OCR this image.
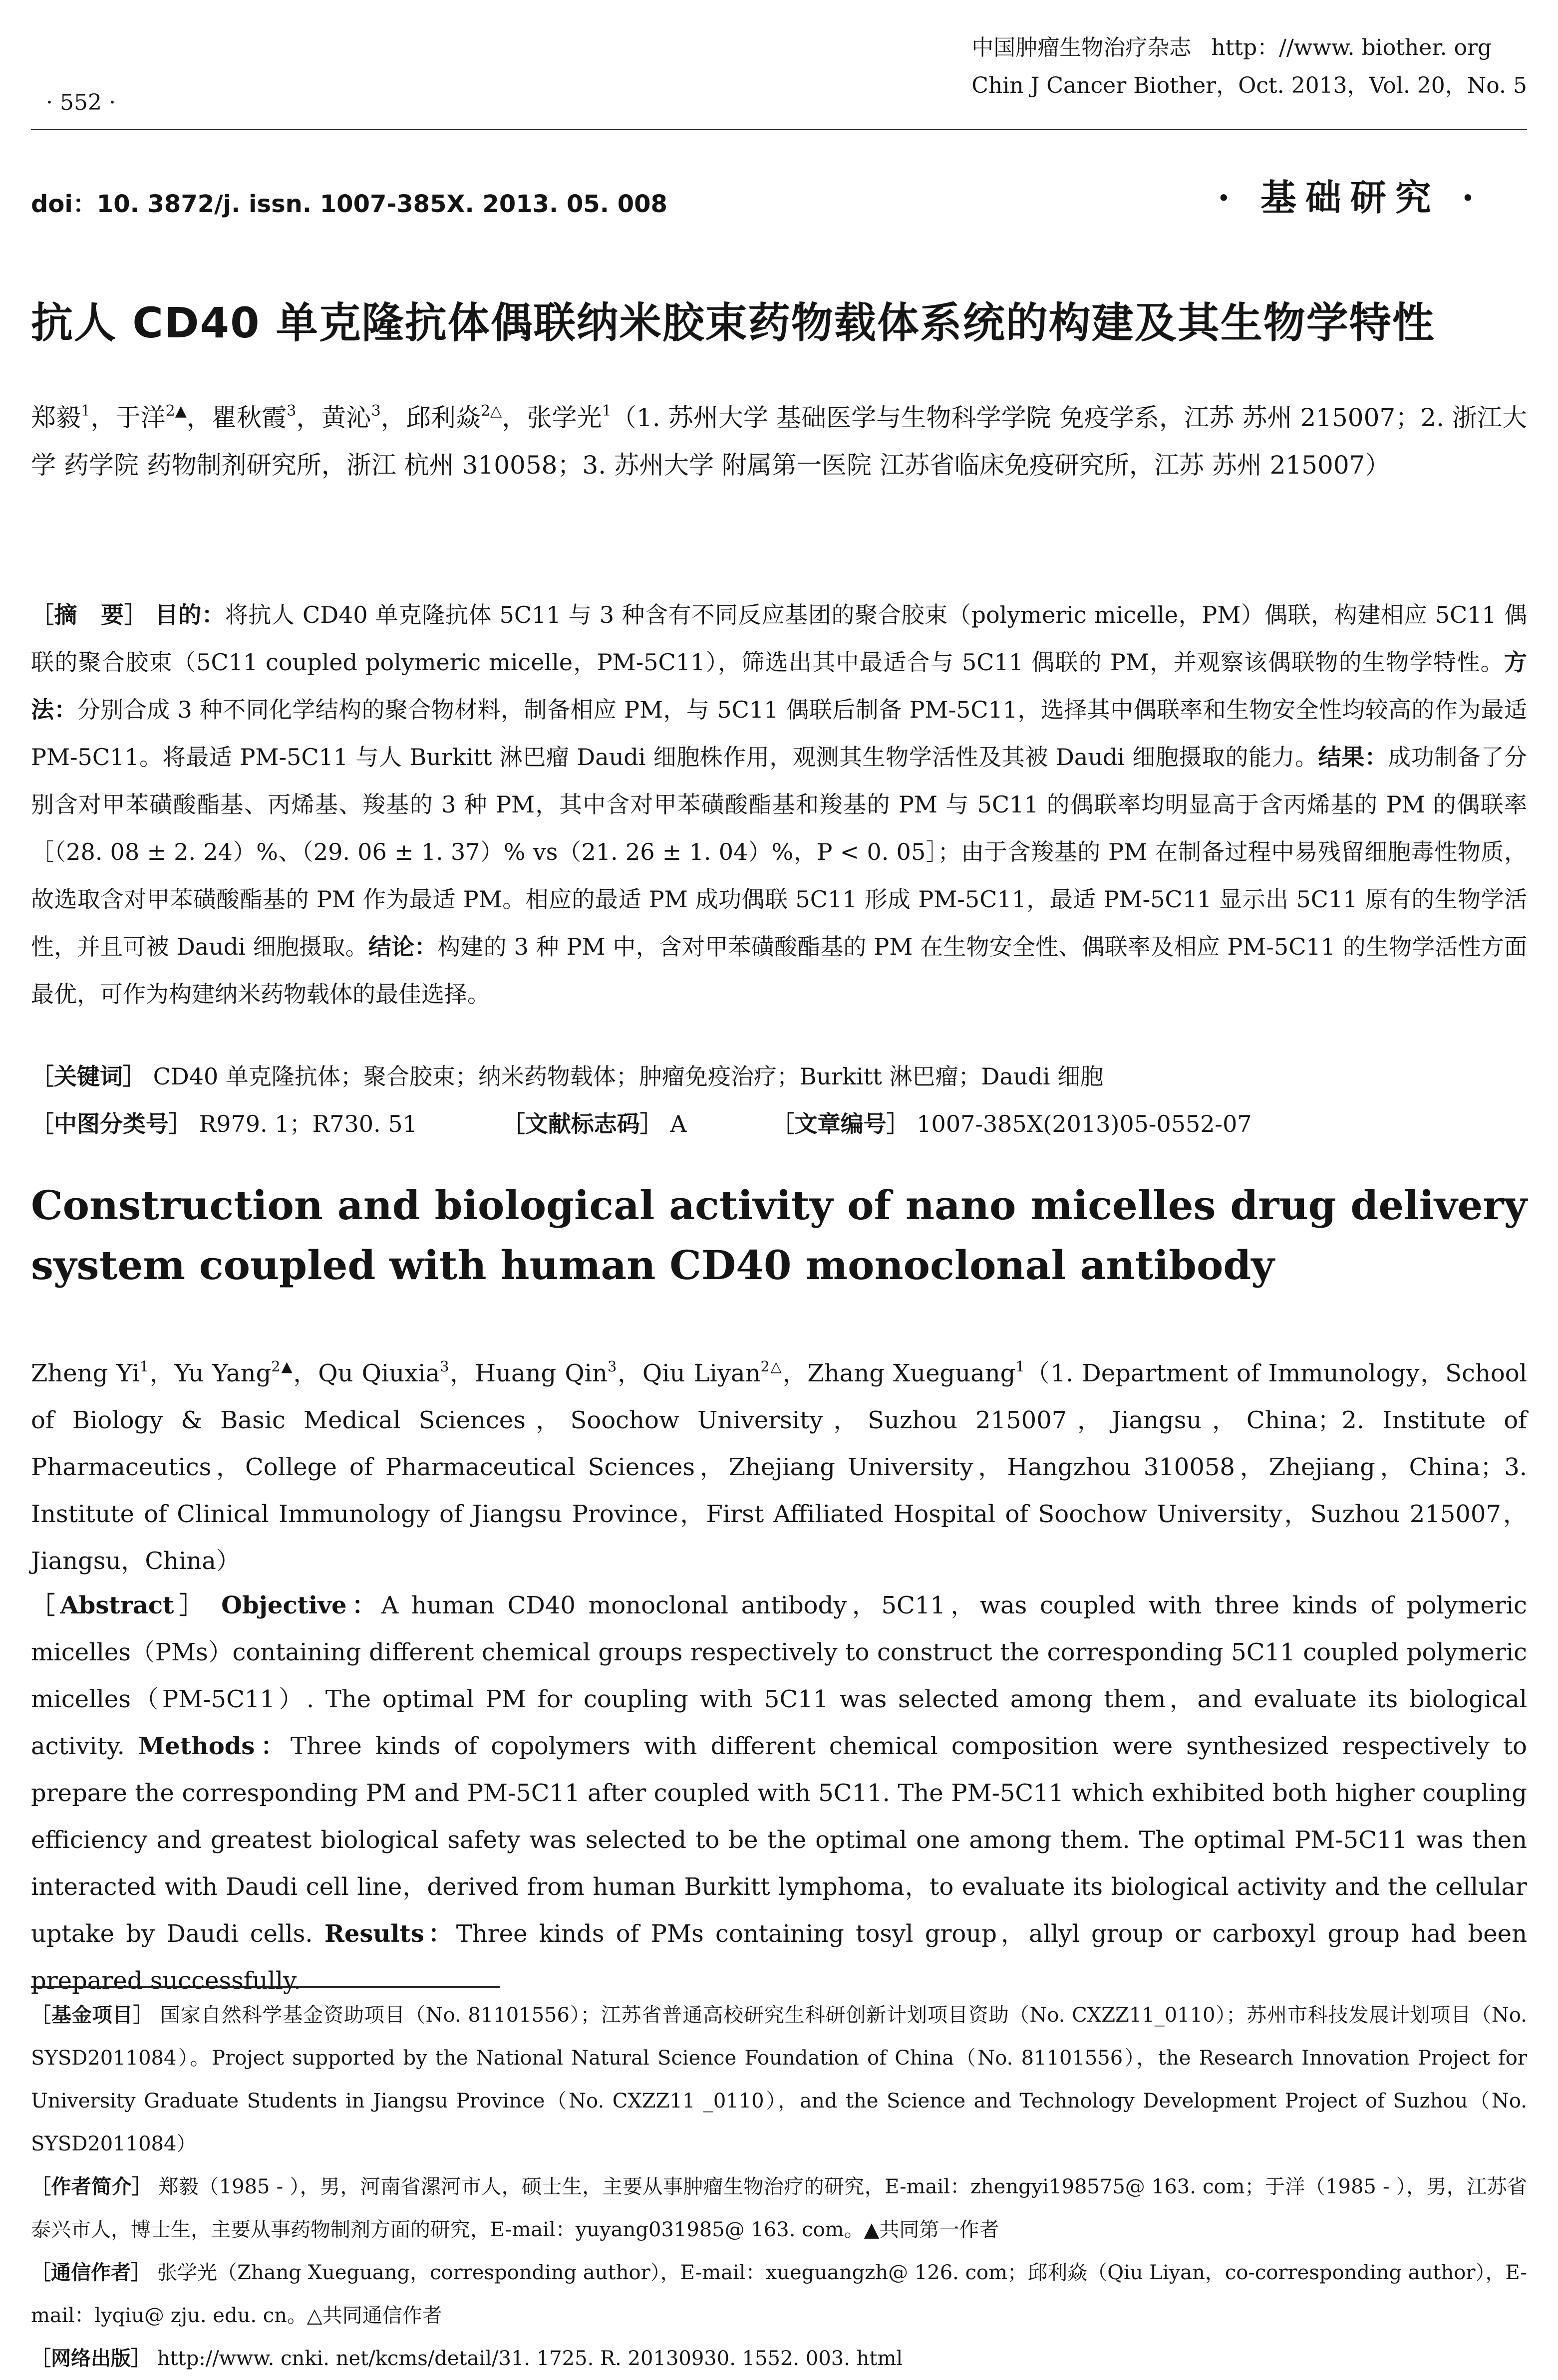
中国肿瘤生物治疗杂志 http：//www. biother. org
Chin J Cancer Biother，Oct. 2013，Vol. 20，No. 5
· 552 ·
doi：10. 3872/j. issn. 1007-385X. 2013. 05. 008	· 基础研究 ·
抗人 CD40 单克隆抗体偶联纳米胶束药物载体系统的构建及其生物学特性
郑毅$^1$，于洋$^{2▲}$，瞿秋霞$^3$，黄沁$^3$，邱利焱$^{2\triangle}$，张学光$^1$（1. 苏州大学 基础医学与生物科学学院 免疫学系，江苏 苏州 215007；2. 浙江大学 药学院 药物制剂研究所，浙江 杭州 310058；3. 苏州大学 附属第一医院 江苏省临床免疫研究所，江苏 苏州 215007）
［摘　要］ 目的：将抗人 CD40 单克隆抗体 5C11 与 3 种含有不同反应基团的聚合胶束（polymeric micelle，PM）偶联，构建相应 5C11 偶联的聚合胶束（5C11 coupled polymeric micelle，PM-5C11），筛选出其中最适合与 5C11 偶联的 PM，并观察该偶联物的生物学特性。方法：分别合成 3 种不同化学结构的聚合物材料，制备相应 PM，与 5C11 偶联后制备 PM-5C11，选择其中偶联率和生物安全性均较高的作为最适 PM-5C11。将最适 PM-5C11 与人 Burkitt 淋巴瘤 Daudi 细胞株作用，观测其生物学活性及其被 Daudi 细胞摄取的能力。结果：成功制备了分别含对甲苯磺酸酯基、丙烯基、羧基的 3 种 PM，其中含对甲苯磺酸酯基和羧基的 PM 与 5C11 的偶联率均明显高于含丙烯基的 PM 的偶联率［（28. 08 ± 2. 24）%、（29. 06 ± 1. 37）% vs（21. 26 ± 1. 04）%，P < 0. 05］；由于含羧基的 PM 在制备过程中易残留细胞毒性物质，故选取含对甲苯磺酸酯基的 PM 作为最适 PM。相应的最适 PM 成功偶联 5C11 形成 PM-5C11，最适 PM-5C11 显示出 5C11 原有的生物学活性，并且可被 Daudi 细胞摄取。结论：构建的 3 种 PM 中，含对甲苯磺酸酯基的 PM 在生物安全性、偶联率及相应 PM-5C11 的生物学活性方面最优，可作为构建纳米药物载体的最佳选择。
［关键词］ CD40 单克隆抗体；聚合胶束；纳米药物载体；肿瘤免疫治疗；Burkitt 淋巴瘤；Daudi 细胞
［中图分类号］ R979. 1；R730. 51	［文献标志码］ A	［文章编号］ 1007-385X(2013)05-0552-07
Construction and biological activity of nano micelles drug delivery system coupled with human CD40 monoclonal antibody
Zheng Yi$^1$，Yu Yang$^{2▲}$，Qu Qiuxia$^3$，Huang Qin$^3$，Qiu Liyan$^{2\triangle}$，Zhang Xueguang$^1$（1. Department of Immunology，School of Biology & Basic Medical Sciences，Soochow University，Suzhou 215007，Jiangsu，China；2. Institute of Pharmaceutics，College of Pharmaceutical Sciences，Zhejiang University，Hangzhou 310058，Zhejiang，China；3. Institute of Clinical Immunology of Jiangsu Province，First Affiliated Hospital of Soochow University，Suzhou 215007，Jiangsu，China）
［Abstract］ Objective：A human CD40 monoclonal antibody，5C11，was coupled with three kinds of polymeric micelles（PMs）containing different chemical groups respectively to construct the corresponding 5C11 coupled polymeric micelles（PM-5C11）. The optimal PM for coupling with 5C11 was selected among them，and evaluate its biological activity. Methods：Three kinds of copolymers with different chemical composition were synthesized respectively to prepare the corresponding PM and PM-5C11 after coupled with 5C11. The PM-5C11 which exhibited both higher coupling efficiency and greatest biological safety was selected to be the optimal one among them. The optimal PM-5C11 was then interacted with Daudi cell line，derived from human Burkitt lymphoma，to evaluate its biological activity and the cellular uptake by Daudi cells. Results：Three kinds of PMs containing tosyl group，allyl group or carboxyl group had been prepared successfully.
［基金项目］ 国家自然科学基金资助项目（No. 81101556）；江苏省普通高校研究生科研创新计划项目资助（No. CXZZ11_0110）；苏州市科技发展计划项目（No. SYSD2011084）。Project supported by the National Natural Science Foundation of China（No. 81101556），the Research Innovation Project for University Graduate Students in Jiangsu Province（No. CXZZ11 _0110），and the Science and Technology Development Project of Suzhou（No. SYSD2011084）
［作者简介］ 郑毅（1985 - ），男，河南省漯河市人，硕士生，主要从事肿瘤生物治疗的研究，E-mail：zhengyi198575@ 163. com；于洋（1985 - ），男，江苏省泰兴市人，博士生，主要从事药物制剂方面的研究，E-mail：yuyang031985@ 163. com。▲共同第一作者
［通信作者］ 张学光（Zhang Xueguang，corresponding author），E-mail：xueguangzh@ 126. com；邱利焱（Qiu Liyan，co-corresponding author），E-mail：lyqiu@ zju. edu. cn。△共同通信作者
［网络出版］ http://www. cnki. net/kcms/detail/31. 1725. R. 20130930. 1552. 003. html
